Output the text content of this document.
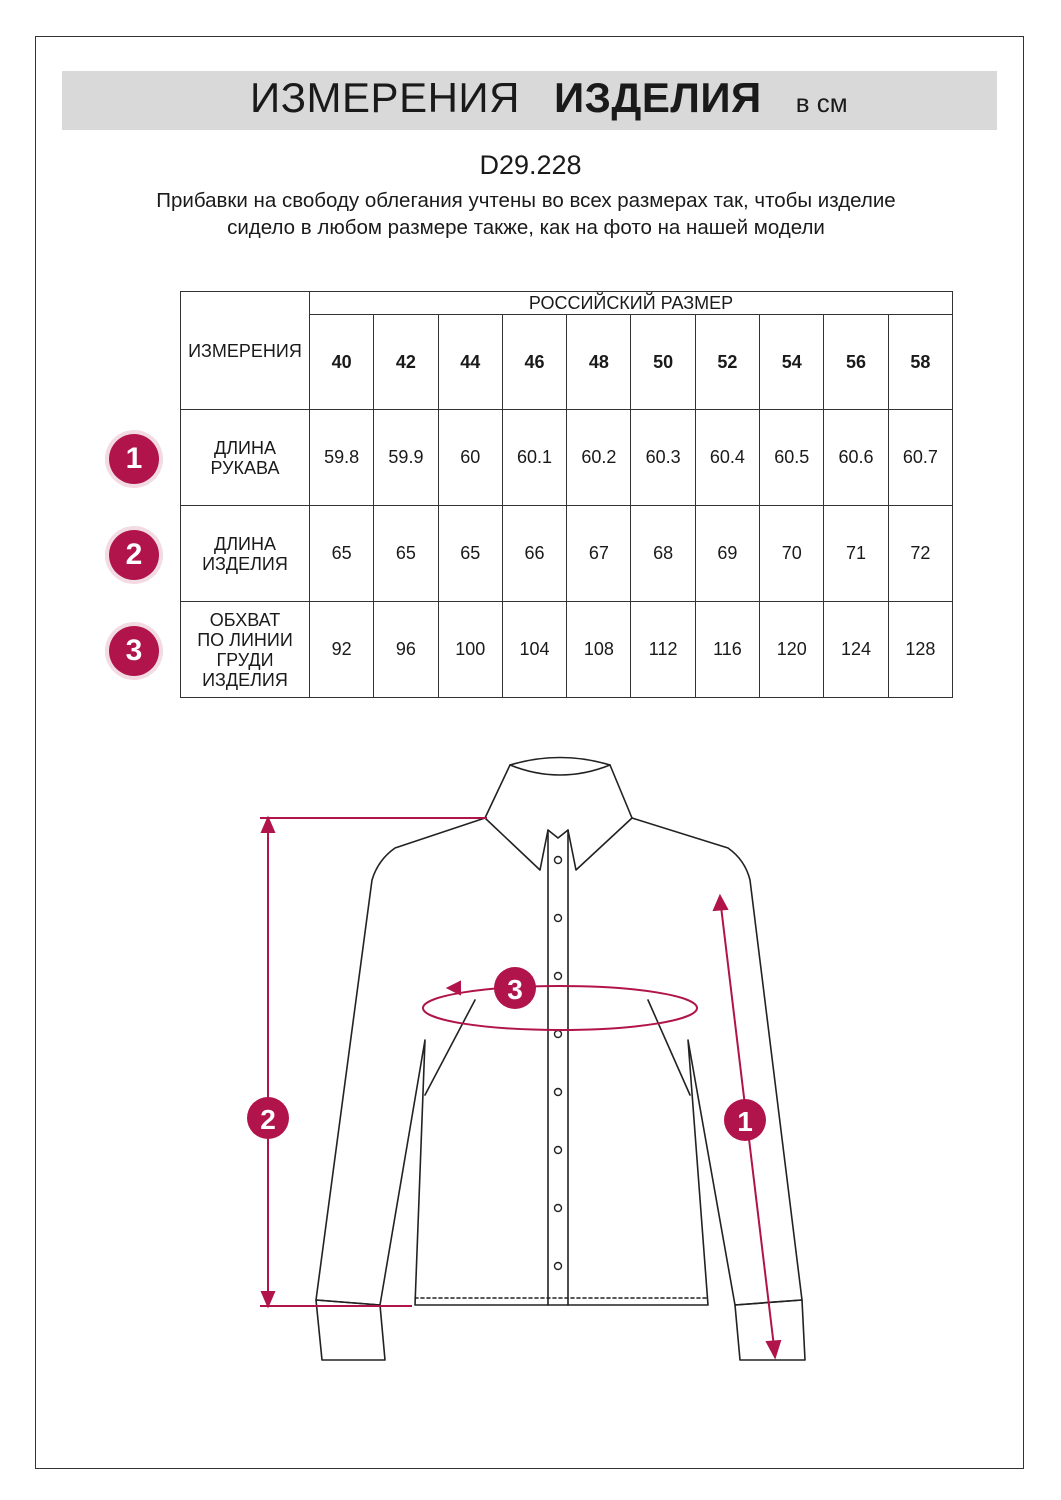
ИЗМЕРЕНИЯ ИЗДЕЛИЯ в см
D29.228
Прибавки на свободу облегания учтены во всех размерах так, чтобы изделие сидело в любом размере также, как на фото на нашей модели
ИЗМЕРЕНИЯ	РОССИЙСКИЙ РАЗМЕР									
	40	42	44	46	48	50	52	54	56	58
ДЛИНА РУКАВА	59.8	59.9	60	60.1	60.2	60.3	60.4	60.5	60.6	60.7
ДЛИНА ИЗДЕЛИЯ	65	65	65	66	67	68	69	70	71	72
ОБХВАТ ПО ЛИНИИ ГРУДИ ИЗДЕЛИЯ	92	96	100	104	108	112	116	120	124	128
1
2
3
2
3
1
